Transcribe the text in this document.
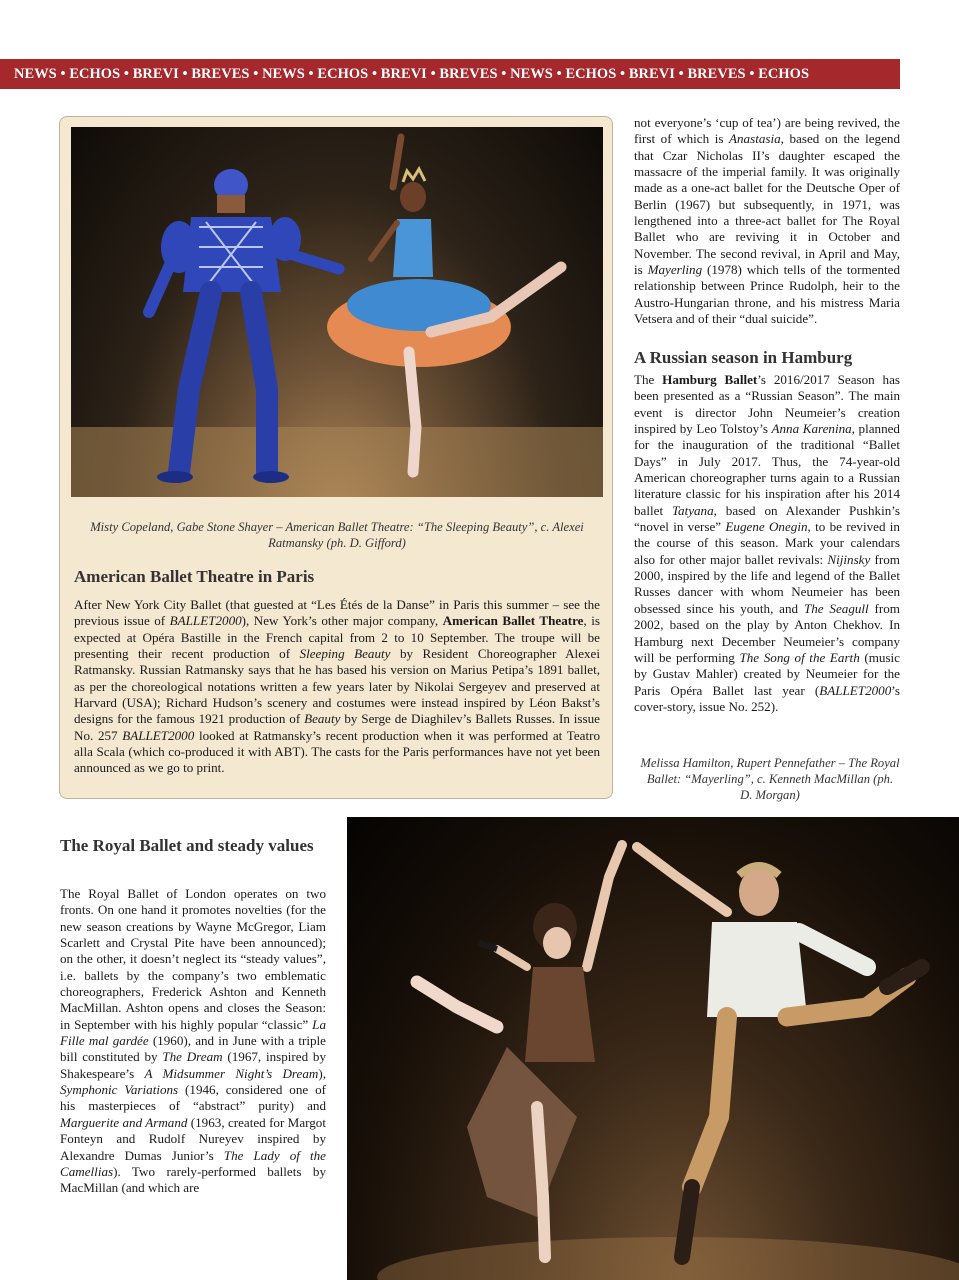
NEWS • ECHOS • BREVI • BREVES • NEWS • ECHOS • BREVI • BREVES • NEWS • ECHOS • BREVI • BREVES • ECHOS
Misty Copeland, Gabe Stone Shayer – American Ballet Theatre: “The Sleeping Beauty”, c. Alexei Ratmansky (ph. D. Gifford)
American Ballet Theatre in Paris

After New York City Ballet (that guested at “Les Étés de la Danse” in Paris this summer – see the previous issue of BALLET2000), New York’s other major company, American Ballet Theatre, is expected at Opéra Bastille in the French capital from 2 to 10 September. The troupe will be presenting their recent production of Sleeping Beauty by Resident Choreographer Alexei Ratmansky. Russian Ratmansky says that he has based his version on Marius Petipa’s 1891 ballet, as per the choreological notations written a few years later by Nikolai Sergeyev and preserved at Harvard (USA); Richard Hudson’s scenery and costumes were instead inspired by Léon Bakst’s designs for the famous 1921 production of Beauty by Serge de Diaghilev’s Ballets Russes. In issue No. 257 BALLET2000 looked at Ratmansky’s recent production when it was performed at Teatro alla Scala (which co-produced it with ABT). The casts for the Paris performances have not yet been announced as we go to print.

not everyone’s ‘cup of tea’) are being revived, the first of which is Anastasia, based on the legend that Czar Nicholas II’s daughter escaped the massacre of the imperial family. It was originally made as a one-act ballet for the Deutsche Oper of Berlin (1967) but subsequently, in 1971, was lengthened into a three-act ballet for The Royal Ballet who are reviving it in October and November. The second revival, in April and May, is Mayerling (1978) which tells of the tormented relationship between Prince Rudolph, heir to the Austro-Hungarian throne, and his mistress Maria Vetsera and of their “dual suicide”.

A Russian season in Hamburg

The Hamburg Ballet’s 2016/2017 Season has been presented as a “Russian Season”. The main event is director John Neumeier’s creation inspired by Leo Tolstoy’s Anna Karenina, planned for the inauguration of the traditional “Ballet Days” in July 2017. Thus, the 74-year-old American choreographer turns again to a Russian literature classic for his inspiration after his 2014 ballet Tatyana, based on Alexander Pushkin’s “novel in verse” Eugene Onegin, to be revived in the course of this season. Mark your calendars also for other major ballet revivals: Nijinsky from 2000, inspired by the life and legend of the Ballet Russes dancer with whom Neumeier has been obsessed since his youth, and The Seagull from 2002, based on the play by Anton Chekhov. In Hamburg next December Neumeier’s company will be performing The Song of the Earth (music by Gustav Mahler) created by Neumeier for the Paris Opéra Ballet last year (BALLET2000’s cover-story, issue No. 252).

Melissa Hamilton, Rupert Pennefather – The Royal Ballet: “Mayerling”, c. Kenneth MacMillan (ph. D. Morgan)
The Royal Ballet and steady values

The Royal Ballet of London operates on two fronts. On one hand it promotes novelties (for the new season creations by Wayne McGregor, Liam Scarlett and Crystal Pite have been announced); on the other, it doesn’t neglect its “steady values”, i.e. ballets by the company’s two emblematic choreographers, Frederick Ashton and Kenneth MacMillan. Ashton opens and closes the Season: in September with his highly popular “classic” La Fille mal gardée (1960), and in June with a triple bill constituted by The Dream (1967, inspired by Shakespeare’s A Midsummer Night’s Dream), Symphonic Variations (1946, considered one of his masterpieces of “abstract” purity) and Marguerite and Armand (1963, created for Margot Fonteyn and Rudolf Nureyev inspired by Alexandre Dumas Junior’s The Lady of the Camellias). Two rarely-performed ballets by MacMillan (and which are
